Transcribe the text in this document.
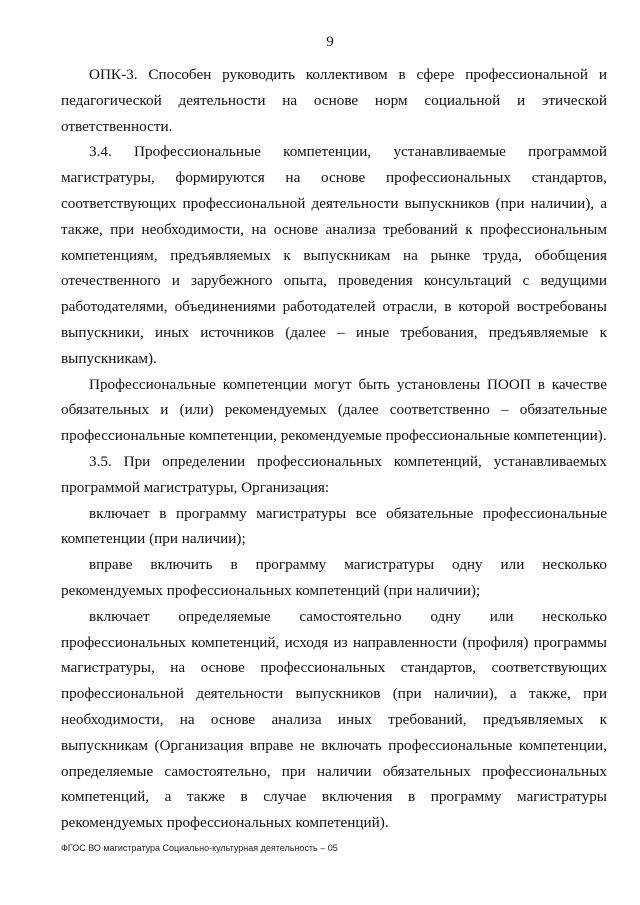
9

ОПК-3. Способен руководить коллективом в сфере профессиональной и педагогической деятельности на основе норм социальной и этической ответственности.

3.4. Профессиональные компетенции, устанавливаемые программой магистратуры, формируются на основе профессиональных стандартов, соответствующих профессиональной деятельности выпускников (при наличии), а также, при необходимости, на основе анализа требований к профессиональным компетенциям, предъявляемых к выпускникам на рынке труда, обобщения отечественного и зарубежного опыта, проведения консультаций с ведущими работодателями, объединениями работодателей отрасли, в которой востребованы выпускники, иных источников (далее – иные требования, предъявляемые к выпускникам).

Профессиональные компетенции могут быть установлены ПООП в качестве обязательных и (или) рекомендуемых (далее соответственно – обязательные профессиональные компетенции, рекомендуемые профессиональные компетенции).

3.5. При определении профессиональных компетенций, устанавливаемых программой магистратуры, Организация:

включает в программу магистратуры все обязательные профессиональные компетенции (при наличии);

вправе включить в программу магистратуры одну или несколько рекомендуемых профессиональных компетенций (при наличии);

включает определяемые самостоятельно одну или несколько профессиональных компетенций, исходя из направленности (профиля) программы магистратуры, на основе профессиональных стандартов, соответствующих профессиональной деятельности выпускников (при наличии), а также, при необходимости, на основе анализа иных требований, предъявляемых к выпускникам (Организация вправе не включать профессиональные компетенции, определяемые самостоятельно, при наличии обязательных профессиональных компетенций, а также в случае включения в программу магистратуры рекомендуемых профессиональных компетенций).

ФГОС ВО магистратура Социально-культурная деятельность – 05
